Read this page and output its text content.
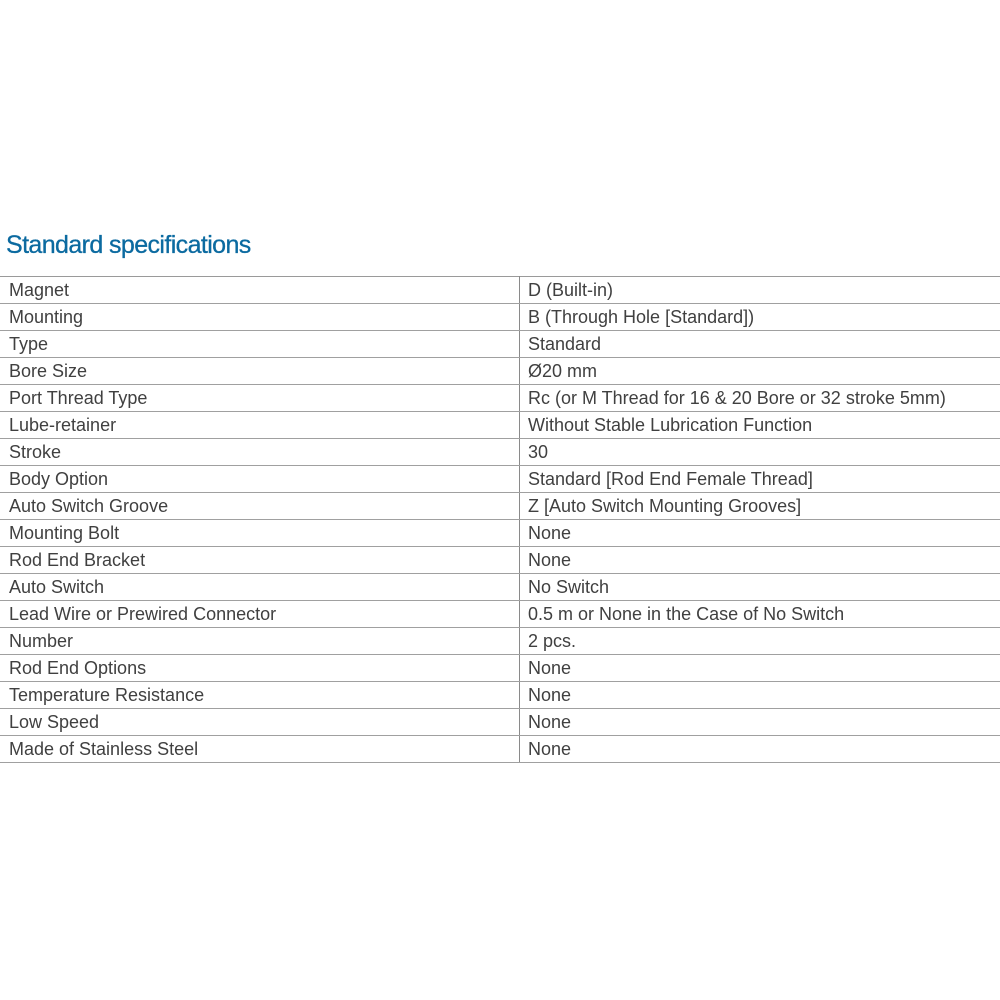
Standard specifications
Magnet	D (Built-in)
Mounting	B (Through Hole [Standard])
Type	Standard
Bore Size	Ø20 mm
Port Thread Type	Rc (or M Thread for 16 & 20 Bore or 32 stroke 5mm)
Lube-retainer	Without Stable Lubrication Function
Stroke	30
Body Option	Standard [Rod End Female Thread]
Auto Switch Groove	Z [Auto Switch Mounting Grooves]
Mounting Bolt	None
Rod End Bracket	None
Auto Switch	No Switch
Lead Wire or Prewired Connector	0.5 m or None in the Case of No Switch
Number	2 pcs.
Rod End Options	None
Temperature Resistance	None
Low Speed	None
Made of Stainless Steel	None
